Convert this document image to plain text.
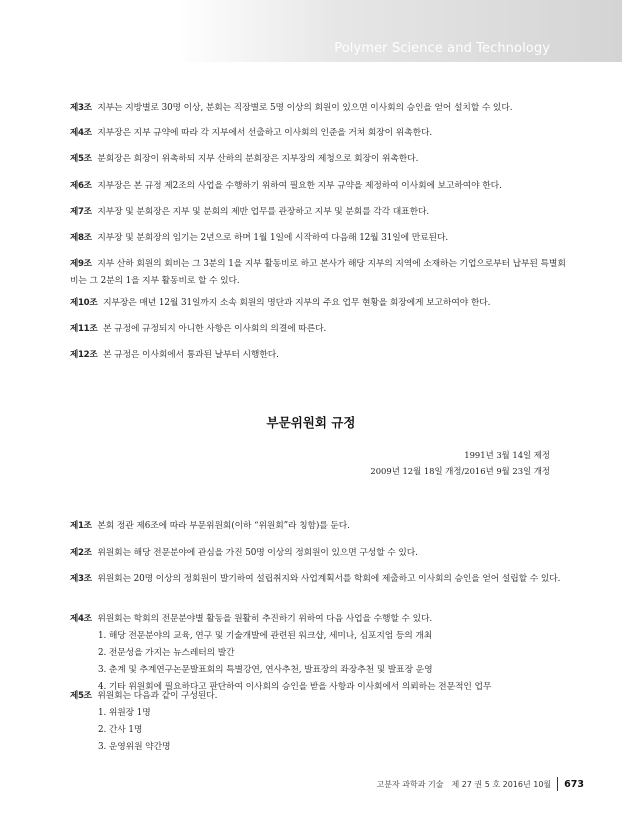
Polymer Science and Technology
제3조 지부는 지방별로 30명 이상, 분회는 직장별로 5명 이상의 회원이 있으면 이사회의 승인을 얻어 설치할 수 있다.
제4조 지부장은 지부 규약에 따라 각 지부에서 선출하고 이사회의 인준을 거쳐 회장이 위촉한다.
제5조 분회장은 회장이 위촉하되 지부 산하의 분회장은 지부장의 제청으로 회장이 위촉한다.
제6조 지부장은 본 규정 제2조의 사업을 수행하기 위하여 필요한 지부 규약을 제정하여 이사회에 보고하여야 한다.
제7조 지부장 및 분회장은 지부 및 분회의 제반 업무를 관장하고 지부 및 분회를 각각 대표한다.
제8조 지부장 및 분회장의 임기는 2년으로 하며 1월 1일에 시작하여 다음해 12월 31일에 만료된다.
제9조 지부 산하 회원의 회비는 그 3분의 1을 지부 활동비로 하고 본사가 해당 지부의 지역에 소재하는 기업으로부터 납부된 특별회비는 그 2분의 1을 지부 활동비로 할 수 있다.
제10조 지부장은 매년 12월 31일까지 소속 회원의 명단과 지부의 주요 업무 현황을 회장에게 보고하여야 한다.
제11조 본 규정에 규정되지 아니한 사항은 이사회의 의결에 따른다.
제12조 본 규정은 이사회에서 통과된 날부터 시행한다.
부문위원회 규정
1991년 3월 14일 제정
2009년 12월 18일 개정/2016년 9월 23일 개정
제1조 본회 정관 제6조에 따라 부문위원회(이하 “위원회”라 칭함)를 둔다.
제2조 위원회는 해당 전문분야에 관심을 가진 50명 이상의 정회원이 있으면 구성할 수 있다.
제3조 위원회는 20명 이상의 정회원이 발기하여 설립취지와 사업계획서를 학회에 제출하고 이사회의 승인을 얻어 설립할 수 있다.
제4조 위원회는 학회의 전문분야별 활동을 원활히 추진하기 위하여 다음 사업을 수행할 수 있다.
1. 해당 전문분야의 교육, 연구 및 기술개발에 관련된 워크샵, 세미나, 심포지엄 등의 개최
2. 전문성을 가지는 뉴스레터의 발간
3. 춘계 및 추계연구논문발표회의 특별강연, 연사추천, 발표장의 좌장추천 및 발표장 운영
4. 기타 위원회에 필요하다고 판단하여 이사회의 승인을 받을 사항과 이사회에서 의뢰하는 전문적인 업무
제5조 위원회는 다음과 같이 구성된다.
1. 위원장 1명
2. 간사 1명
3. 운영위원 약간명
고분자 과학과 기술 제 27 권 5 호 2016년 10월 673
